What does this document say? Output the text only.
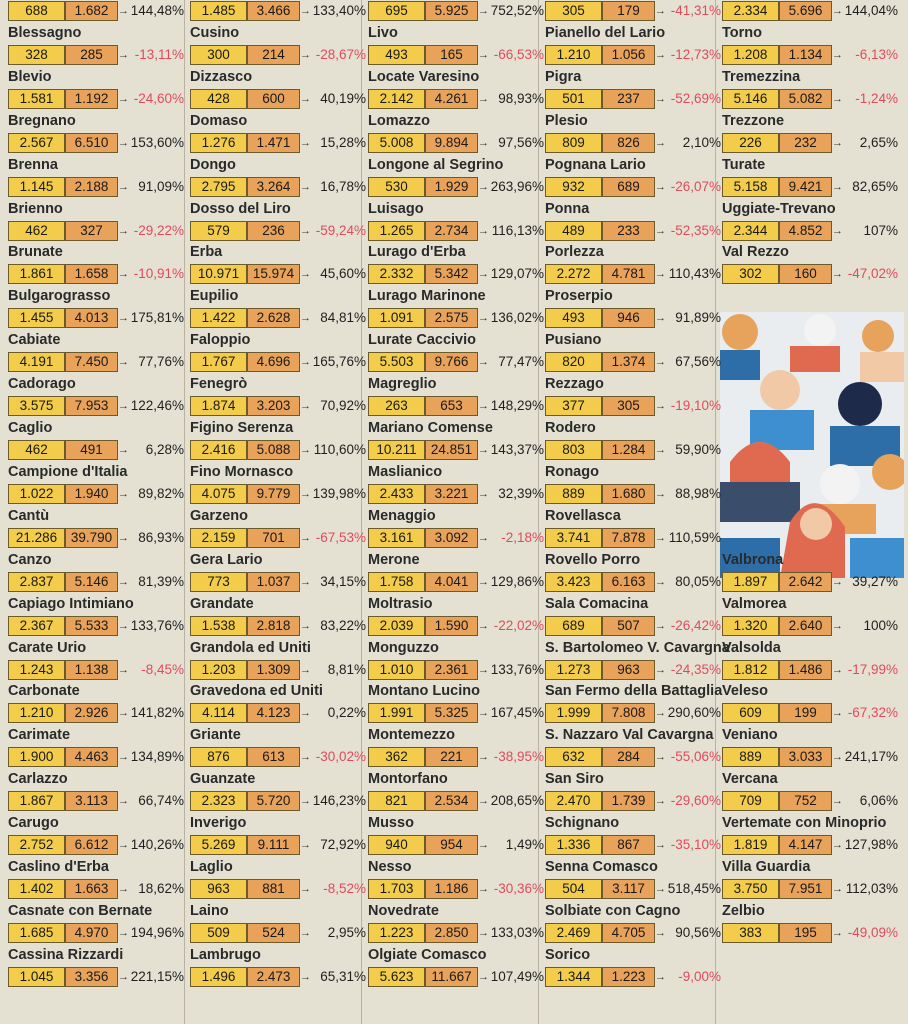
688	1.682 → 144,48%
Blessagno
328	285	→ -13,11%
Blevio
1.581	1.192 → -24,60%
Bregnano
2.567	6.510 → 153,60%
Brenna
1.145	2.188 → 91,09%
Brienno
462	327	→ -29,22%
Brunate
1.861	1.658 → -10,91%
Bulgarograsso
1.455	4.013 → 175,81%
Cabiate
4.191	7.450 → 77,76%
Cadorago
3.575	7.953 → 122,46%
Caglio
462	491	→ 6,28%
Campione d'Italia
1.022	1.940 → 89,82%
Cantù
21.286	39.790 → 86,93%
Canzo
2.837	5.146 → 81,39%
Capiago Intimiano
2.367	5.533 → 133,76%
Carate Urio
1.243	1.138 → -8,45%
Carbonate
1.210	2.926 → 141,82%
Carimate
1.900	4.463 → 134,89%
Carlazzo
1.867	3.113 → 66,74%
Carugo
2.752	6.612 → 140,26%
Caslino d'Erba
1.402	1.663 → 18,62%
Casnate con Bernate
1.685	4.970 → 194,96%
Cassina Rizzardi
1.045	3.356 → 221,15%
1.485	3.466 → 133,40%
Cusino
300	214	→ -28,67%
Dizzasco
428	600	→ 40,19%
Domaso
1.276	1.471 → 15,28%
Dongo
2.795	3.264 → 16,78%
Dosso del Liro
579	236	→ -59,24%
Erba
10.971	15.974 → 45,60%
Eupilio
1.422	2.628 → 84,81%
Faloppio
1.767	4.696 → 165,76%
Fenegrò
1.874	3.203 → 70,92%
Figino Serenza
2.416	5.088 → 110,60%
Fino Mornasco
4.075	9.779 → 139,98%
Garzeno
2.159	701	→ -67,53%
Gera Lario
773	1.037 → 34,15%
Grandate
1.538	2.818 → 83,22%
Grandola ed Uniti
1.203	1.309 → 8,81%
Gravedona ed Uniti
4.114	4.123 → 0,22%
Griante
876	613	→ -30,02%
Guanzate
2.323	5.720 → 146,23%
Inverigo
5.269	9.111 → 72,92%
Laglio
963	881	→ -8,52%
Laino
509	524	→ 2,95%
Lambrugo
1.496	2.473 → 65,31%
695	5.925 → 752,52%
Livo
493	165	→ -66,53%
Locate Varesino
2.142	4.261 → 98,93%
Lomazzo
5.008	9.894 → 97,56%
Longone al Segrino
530	1.929 → 263,96%
Luisago
1.265	2.734 → 116,13%
Lurago d'Erba
2.332	5.342 → 129,07%
Lurago Marinone
1.091	2.575 → 136,02%
Lurate Caccivio
5.503	9.766 → 77,47%
Magreglio
263	653	→ 148,29%
Mariano Comense
10.211	24.851 → 143,37%
Maslianico
2.433	3.221 → 32,39%
Menaggio
3.161	3.092 → -2,18%
Merone
1.758	4.041 → 129,86%
Moltrasio
2.039	1.590 → -22,02%
Monguzzo
1.010	2.361 → 133,76%
Montano Lucino
1.991	5.325 → 167,45%
Montemezzo
362	221	→ -38,95%
Montorfano
821	2.534 → 208,65%
Musso
940	954	→ 1,49%
Nesso
1.703	1.186 → -30,36%
Novedrate
1.223	2.850 → 133,03%
Olgiate Comasco
5.623	11.667 → 107,49%
305	179	→ -41,31%
Pianello del Lario
1.210	1.056 → -12,73%
Pigra
501	237	→ -52,69%
Plesio
809	826	→ 2,10%
Pognana Lario
932	689	→ -26,07%
Ponna
489	233	→ -52,35%
Porlezza
2.272	4.781 → 110,43%
Proserpio
493	946	→ 91,89%
Pusiano
820	1.374 → 67,56%
Rezzago
377	305	→ -19,10%
Rodero
803	1.284 → 59,90%
Ronago
889	1.680 → 88,98%
Rovellasca
3.741	7.878 → 110,59%
Rovello Porro
3.423	6.163 → 80,05%
Sala Comacina
689	507	→ -26,42%
S. Bartolomeo V. Cavargna
1.273	963	→ -24,35%
San Fermo della Battaglia
1.999	7.808 → 290,60%
S. Nazzaro Val Cavargna
632	284	→ -55,06%
San Siro
2.470	1.739 → -29,60%
Schignano
1.336	867	→ -35,10%
Senna Comasco
504	3.117 → 518,45%
Solbiate con Cagno
2.469	4.705 → 90,56%
Sorico
1.344	1.223 → -9,00%
2.334	5.696 → 144,04%
Torno
1.208	1.134 → -6,13%
Tremezzina
5.146	5.082 → -1,24%
Trezzone
226	232	→ 2,65%
Turate
5.158	9.421 → 82,65%
Uggiate-Trevano
2.344	4.852 → 107%
Val Rezzo
302	160	→ -47,02%
Valbrona
1.897	2.642 → 39,27%
Valmorea
1.320	2.640 → 100%
Valsolda
1.812	1.486 → -17,99%
Veleso
609	199	→ -67,32%
Veniano
889	3.033 → 241,17%
Vercana
709	752	→ 6,06%
Vertemate con Minoprio
1.819	4.147 → 127,98%
Villa Guardia
3.750	7.951 → 112,03%
Zelbio
383	195	→ -49,09%
